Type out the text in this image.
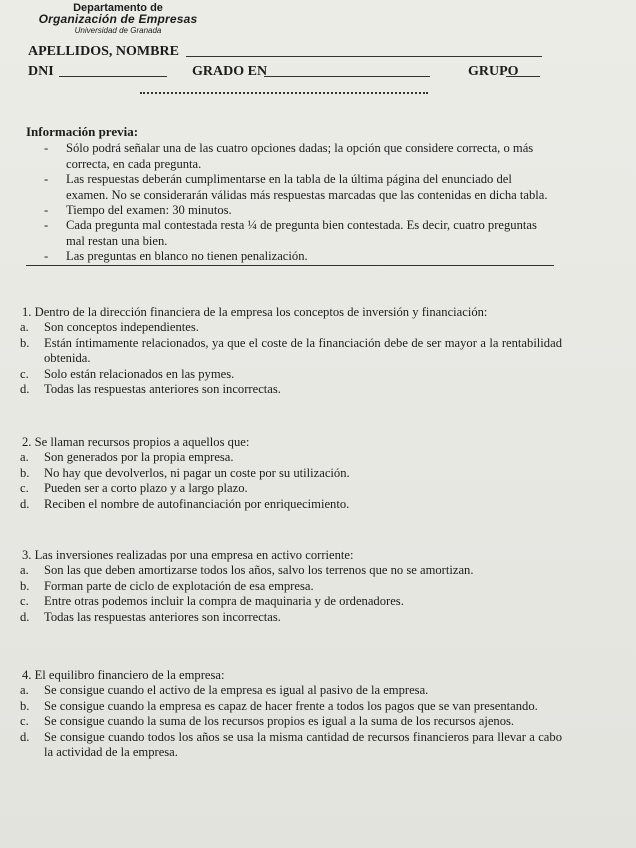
Departamento de
Organización de Empresas
Universidad de Granada
APELLIDOS, NOMBRE
DNI	GRADO EN	GRUPO
Información previa:
- Sólo podrá señalar una de las cuatro opciones dadas; la opción que considere correcta, o más correcta, en cada pregunta.
- Las respuestas deberán cumplimentarse en la tabla de la última página del enunciado del examen. No se considerarán válidas más respuestas marcadas que las contenidas en dicha tabla.
- Tiempo del examen: 30 minutos.
- Cada pregunta mal contestada resta ¼ de pregunta bien contestada. Es decir, cuatro preguntas mal restan una bien.
- Las preguntas en blanco no tienen penalización.
1. Dentro de la dirección financiera de la empresa los conceptos de inversión y financiación:
a. Son conceptos independientes.
b. Están íntimamente relacionados, ya que el coste de la financiación debe de ser mayor a la rentabilidad obtenida.
c. Solo están relacionados en las pymes.
d. Todas las respuestas anteriores son incorrectas.
2. Se llaman recursos propios a aquellos que:
a. Son generados por la propia empresa.
b. No hay que devolverlos, ni pagar un coste por su utilización.
c. Pueden ser a corto plazo y a largo plazo.
d. Reciben el nombre de autofinanciación por enriquecimiento.
3. Las inversiones realizadas por una empresa en activo corriente:
a. Son las que deben amortizarse todos los años, salvo los terrenos que no se amortizan.
b. Forman parte de ciclo de explotación de esa empresa.
c. Entre otras podemos incluir la compra de maquinaria y de ordenadores.
d. Todas las respuestas anteriores son incorrectas.
4. El equilibro financiero de la empresa:
a. Se consigue cuando el activo de la empresa es igual al pasivo de la empresa.
b. Se consigue cuando la empresa es capaz de hacer frente a todos los pagos que se van presentando.
c. Se consigue cuando la suma de los recursos propios es igual a la suma de los recursos ajenos.
d. Se consigue cuando todos los años se usa la misma cantidad de recursos financieros para llevar a cabo la actividad de la empresa.
